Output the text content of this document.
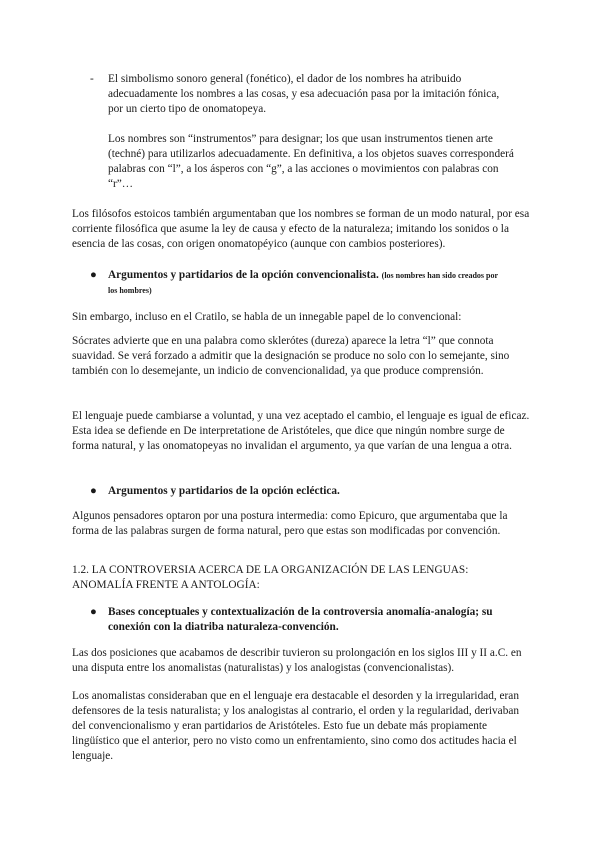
- El simbolismo sonoro general (fonético), el dador de los nombres ha atribuido adecuadamente los nombres a las cosas, y esa adecuación pasa por la imitación fónica, por un cierto tipo de onomatopeya.

Los nombres son “instrumentos” para designar; los que usan instrumentos tienen arte (techné) para utilizarlos adecuadamente. En definitiva, a los objetos suaves corresponderá palabras con “l”, a los ásperos con “g”, a las acciones o movimientos con palabras con “r”…

Los filósofos estoicos también argumentaban que los nombres se forman de un modo natural, por esa corriente filosófica que asume la ley de causa y efecto de la naturaleza; imitando los sonidos o la esencia de las cosas, con origen onomatopéyico (aunque con cambios posteriores).

● Argumentos y partidarios de la opción convencionalista. (los nombres han sido creados por los hombres)

Sin embargo, incluso en el Cratilo, se habla de un innegable papel de lo convencional:

Sócrates advierte que en una palabra como sklerótes (dureza) aparece la letra “l” que connota suavidad. Se verá forzado a admitir que la designación se produce no solo con lo semejante, sino también con lo desemejante, un indicio de convencionalidad, ya que produce comprensión.

El lenguaje puede cambiarse a voluntad, y una vez aceptado el cambio, el lenguaje es igual de eficaz. Esta idea se defiende en De interpretatione de Aristóteles, que dice que ningún nombre surge de forma natural, y las onomatopeyas no invalidan el argumento, ya que varían de una lengua a otra.

● Argumentos y partidarios de la opción ecléctica.

Algunos pensadores optaron por una postura intermedia: como Epicuro, que argumentaba que la forma de las palabras surgen de forma natural, pero que estas son modificadas por convención.

1.2. LA CONTROVERSIA ACERCA DE LA ORGANIZACIÓN DE LAS LENGUAS: ANOMALÍA FRENTE A ANTOLOGÍA:

● Bases conceptuales y contextualización de la controversia anomalía-analogía; su conexión con la diatriba naturaleza-convención.

Las dos posiciones que acabamos de describir tuvieron su prolongación en los siglos III y II a.C. en una disputa entre los anomalistas (naturalistas) y los analogistas (convencionalistas).

Los anomalistas consideraban que en el lenguaje era destacable el desorden y la irregularidad, eran defensores de la tesis naturalista; y los analogistas al contrario, el orden y la regularidad, derivaban del convencionalismo y eran partidarios de Aristóteles. Esto fue un debate más propiamente lingüístico que el anterior, pero no visto como un enfrentamiento, sino como dos actitudes hacia el lenguaje.
